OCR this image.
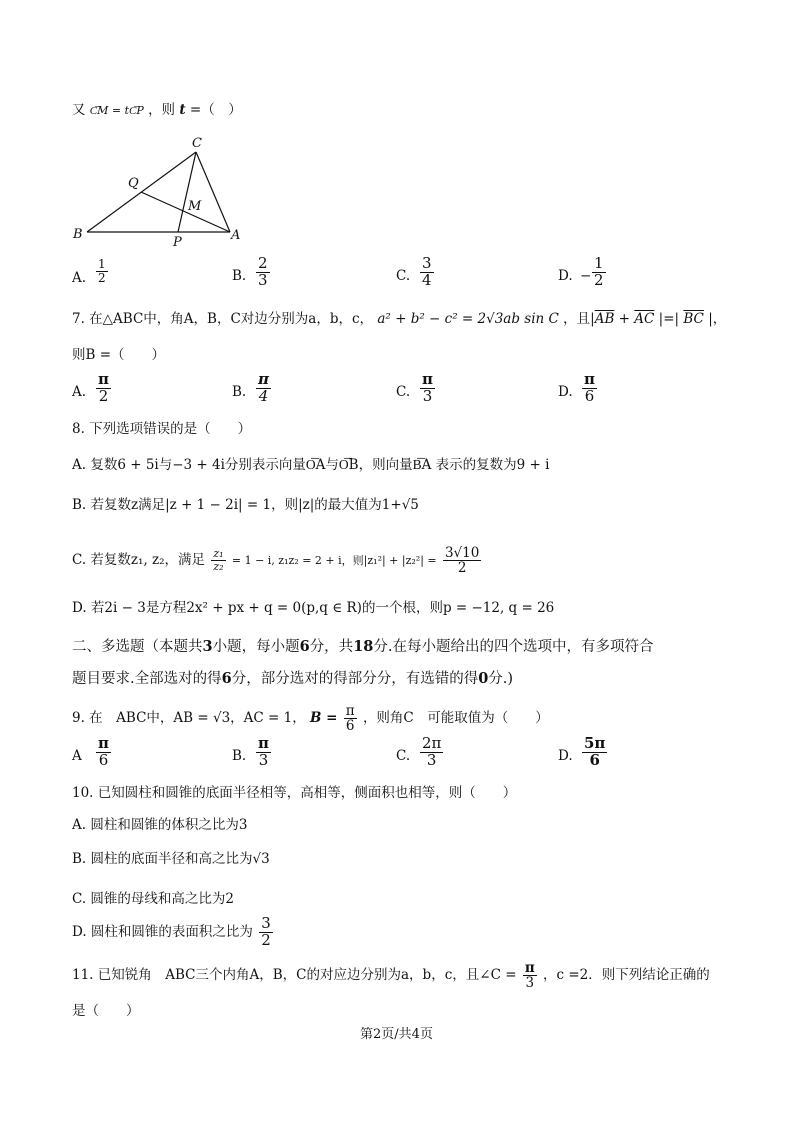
又 C͞M = tC͞P ，则 t =（　）
C
Q
M
B
P	A
A. $\frac{1}{2}$	B. $\frac{2}{3}$	C. $\frac{3}{4}$	D. − $\frac{1}{2}$
7. 在△ABC中，角A，B，C对边分别为a，b，c， a² + b² − c² = 2√3ab sin C ，且$|\overline{AB} + \overline{AC}$ |=| $\overline{BC}$ |，
则B =（　　）
A. $\frac{\pi}{2}$	B. $\frac{\pi}{4}$	C. $\frac{\pi}{3}$	D. $\frac{\pi}{6}$
8. 下列选项错误的是（　　）
A. 复数6 + 5i与−3 + 4i分别表示向量O͞A与O͞B，则向量B͞A 表示的复数为9 + i
B. 若复数z满足|z + 1 − 2i| = 1，则|z|的最大值为1+√5
C. 若复数z₁, z₂，满足 $\frac{\text{z₁}}{\text{z₂}} = 1 - i$, z₁z₂ = 2 + i，则$|z_1^2| + |z_2^2| = \frac{3√10}{2}$
D. 若2i − 3是方程2x² + px + q = 0(p,q ∈ R)的一个根，则p = −12, q = 26
二、多选题（本题共3小题，每小题6分，共18分.在每小题给出的四个选项中，有多项符合
题目要求.全部选对的得6分，部分选对的得部分分，有选错的得0分.)
9. 在　ABC中，AB = √3，AC = 1， $B = \frac{\pi}{6}$ ，则角C　可能取值为（　　）
A $\frac{\pi}{6}$	B. $\frac{\pi}{3}$	C. $\frac{2\pi}{3}$	D. $\frac{5\pi}{6}$
10. 已知圆柱和圆锥的底面半径相等，高相等，侧面积也相等，则（　　）
A. 圆柱和圆锥的体积之比为3
B. 圆柱的底面半径和高之比为√3
C. 圆锥的母线和高之比为2
D. 圆柱和圆锥的表面积之比为 $\frac{3}{2}$
11. 已知锐角　ABC三个内角A，B，C的对应边分别为a，b，c，且∠C = $\frac{\pi}{3}$ ，c =2．则下列结论正确的
是（　　）
第2页/共4页
